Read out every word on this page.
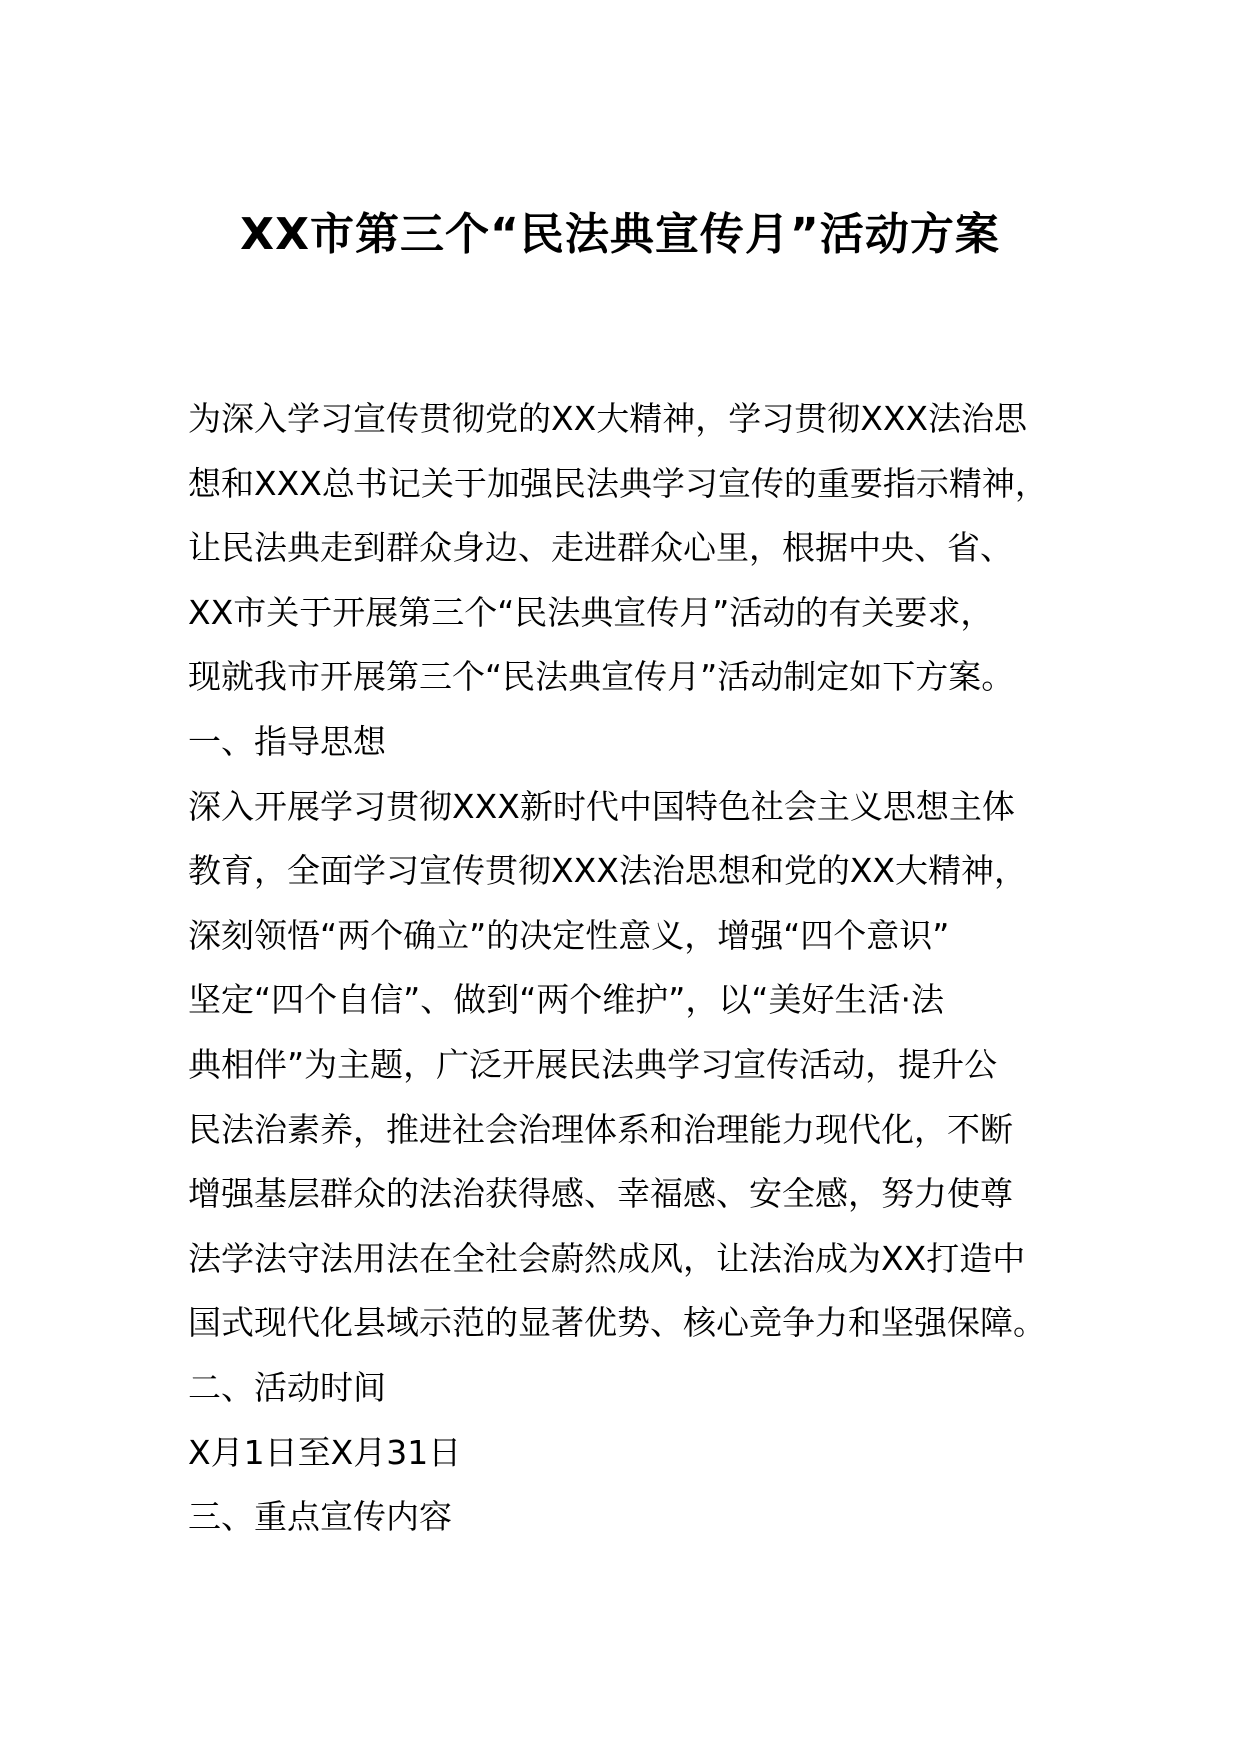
XX市第三个“民法典宣传月”活动方案

为深入学习宣传贯彻党的XX大精神，学习贯彻XXX法治思
想和XXX总书记关于加强民法典学习宣传的重要指示精神，
让民法典走到群众身边、走进群众心里，根据中央、省、
XX市关于开展第三个“民法典宣传月”活动的有关要求，
现就我市开展第三个“民法典宣传月”活动制定如下方案。

一、指导思想

深入开展学习贯彻XXX新时代中国特色社会主义思想主体
教育，全面学习宣传贯彻XXX法治思想和党的XX大精神，
深刻领悟“两个确立”的决定性意义，增强“四个意识”
坚定“四个自信”、做到“两个维护”，以“美好生活·法
典相伴”为主题，广泛开展民法典学习宣传活动，提升公
民法治素养，推进社会治理体系和治理能力现代化，不断
增强基层群众的法治获得感、幸福感、安全感，努力使尊
法学法守法用法在全社会蔚然成风，让法治成为XX打造中
国式现代化县域示范的显著优势、核心竞争力和坚强保障。

二、活动时间

X月1日至X月31日

三、重点宣传内容
